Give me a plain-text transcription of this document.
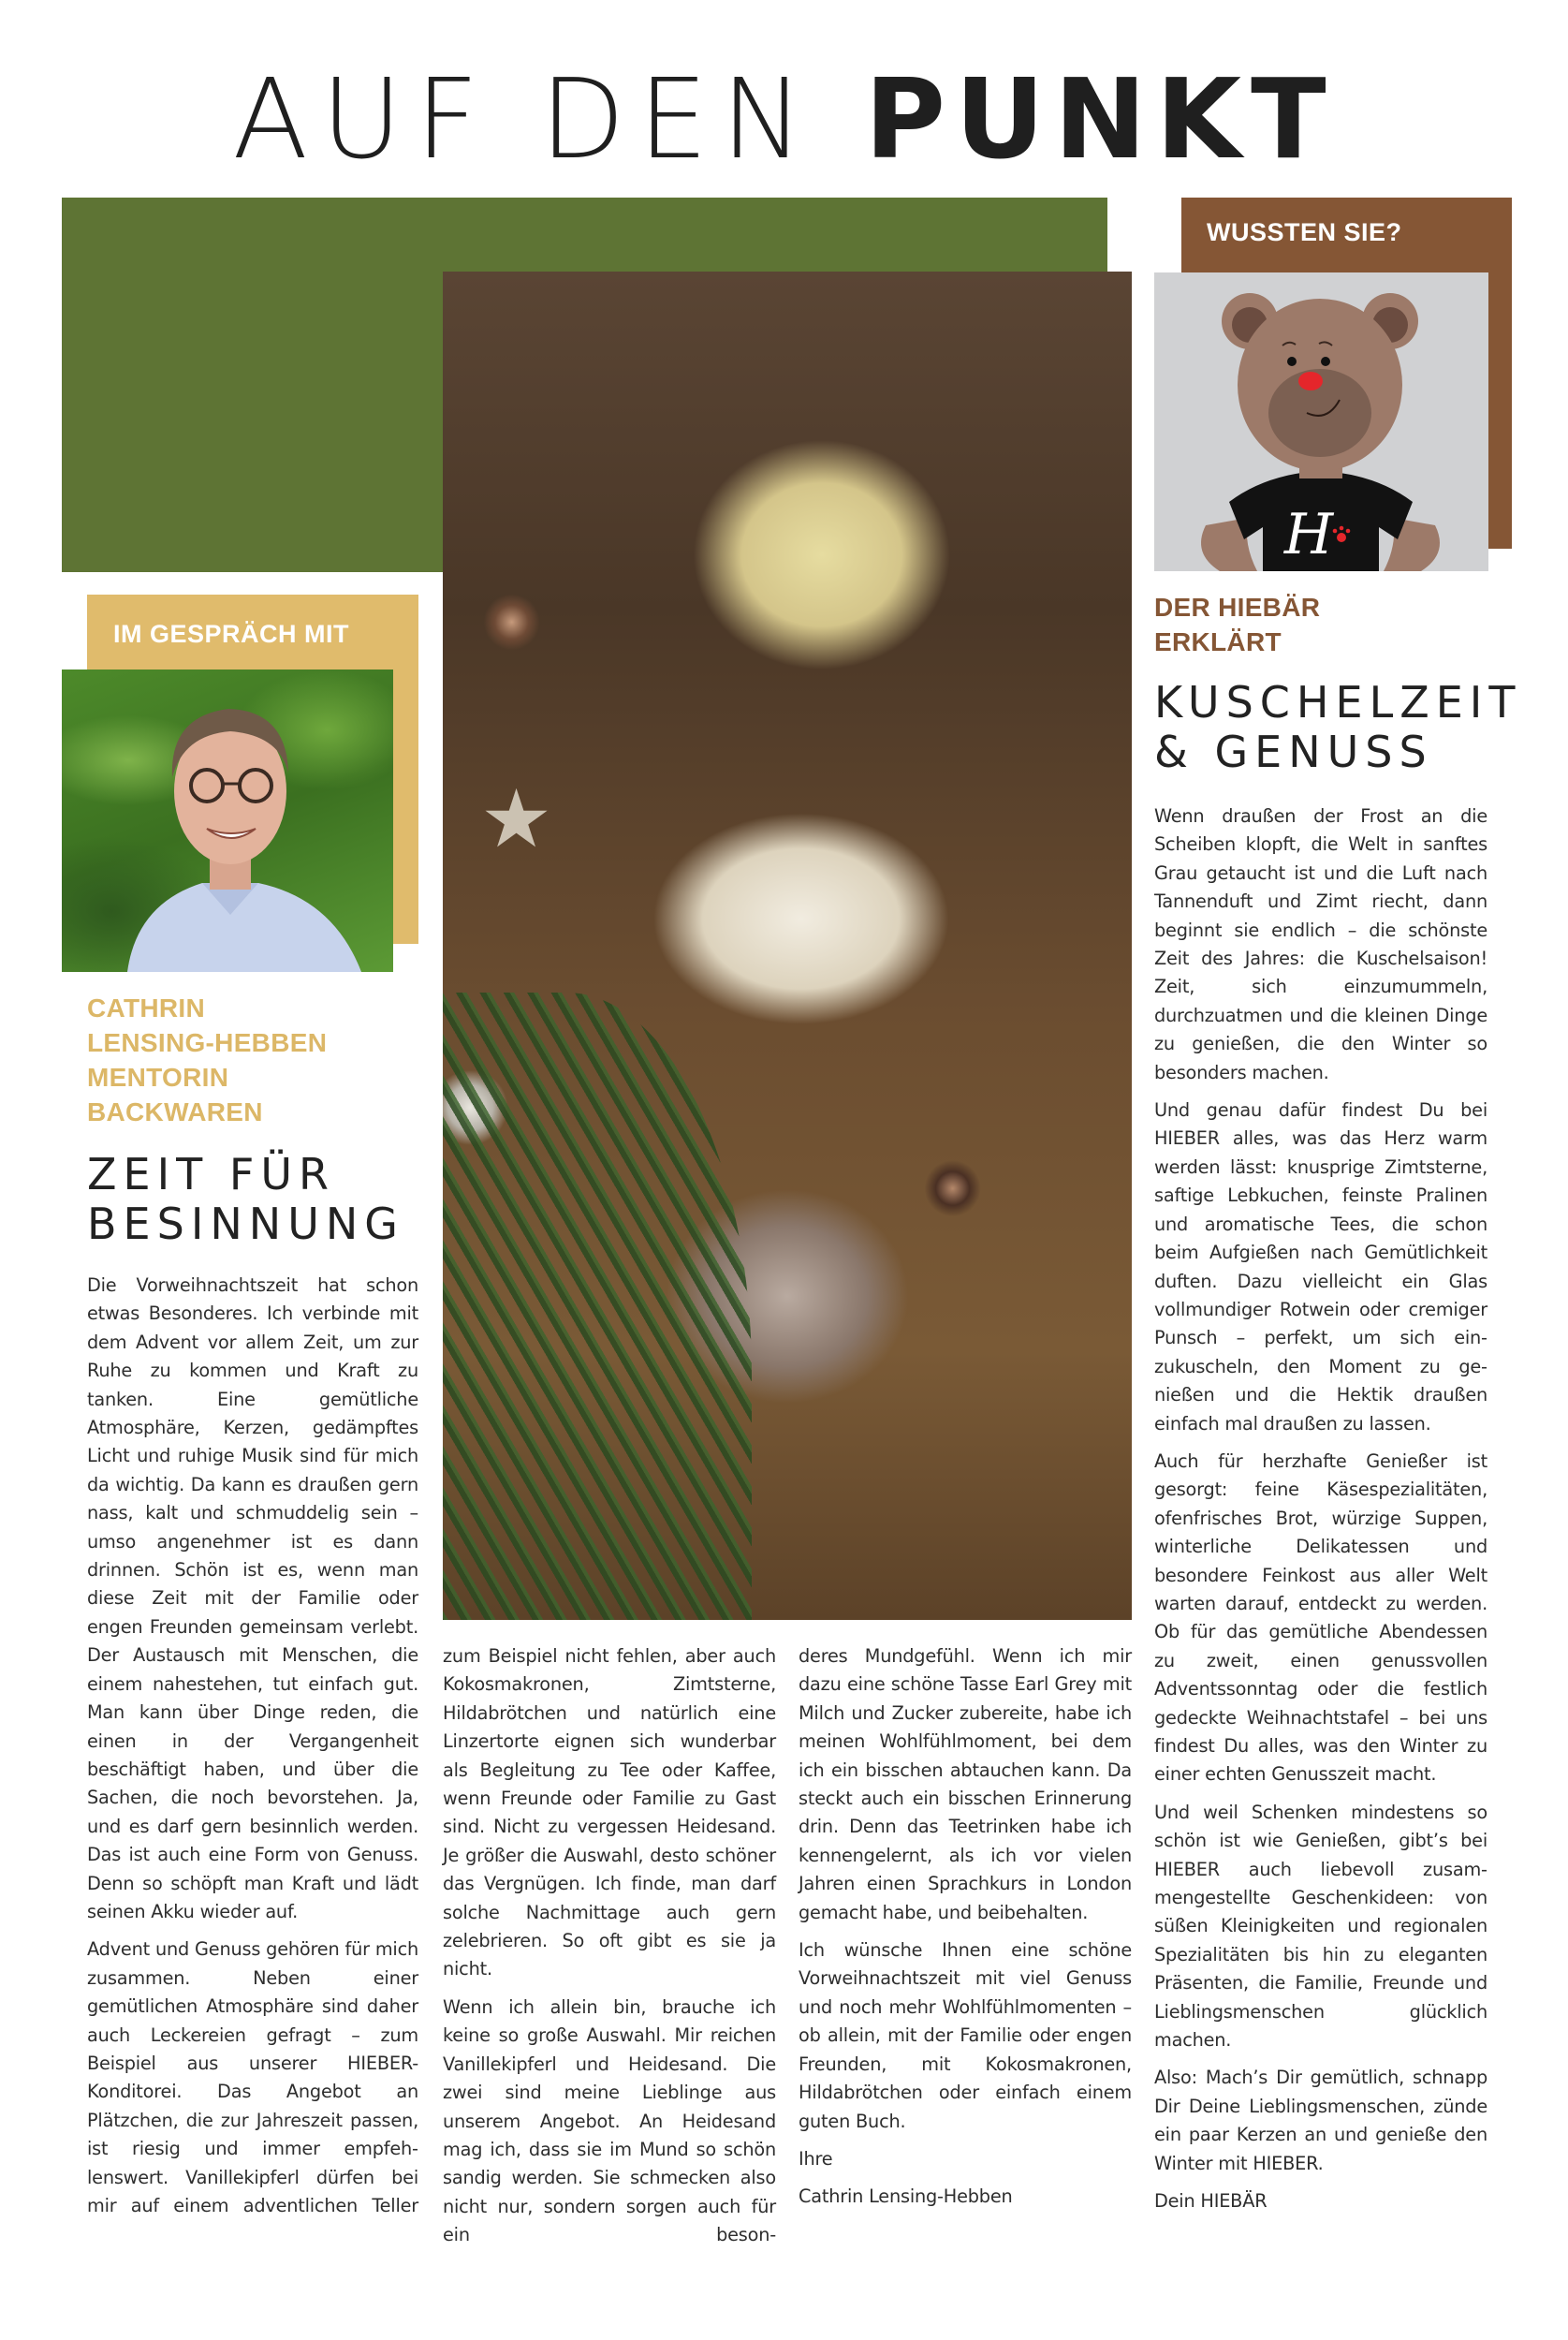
AUF DEN PUNKT
WUSSTEN SIE?
IM GESPRÄCH MIT
★
H
CATHRIN
LENSING-HEBBEN
MENTORIN
BACKWAREN
ZEIT FÜR
BESINNUNG

Die Vorweihnachtszeit hat schon etwas Besonderes. Ich verbinde mit dem Advent vor allem Zeit, um zur Ruhe zu kommen und Kraft zu tanken. Eine gemütliche Atmosphäre, Kerzen, gedämpftes Licht und ruhige Musik sind für mich da wichtig. Da kann es draußen gern nass, kalt und schmuddelig sein – umso angenehmer ist es dann drinnen. Schön ist es, wenn man diese Zeit mit der Familie oder engen Freunden gemeinsam verlebt. Der Austausch mit Menschen, die einem nahestehen, tut einfach gut. Man kann über Dinge reden, die einen in der Vergangenheit beschäftigt haben, und über die Sachen, die noch bevorstehen. Ja, und es darf gern besinnlich werden. Das ist auch eine Form von Genuss. Denn so schöpft man Kraft und lädt seinen Akku wieder auf.

Advent und Genuss gehören für mich zusammen. Neben einer gemütlichen Atmosphäre sind daher auch Leckereien gefragt – zum Beispiel aus unserer HIEBER-Konditorei. Das Angebot an Plätzchen, die zur Jahreszeit passen, ist riesig und immer empfehlenswert. Vanillekipferl dürfen bei mir auf einem adventlichen Teller

zum Beispiel nicht fehlen, aber auch Kokosmakronen, Zimtsterne, Hildabrötchen und natürlich eine Linzertorte eignen sich wunderbar als Begleitung zu Tee oder Kaffee, wenn Freunde oder Familie zu Gast sind. Nicht zu vergessen Heidesand. Je größer die Auswahl, desto schöner das Vergnügen. Ich finde, man darf solche Nachmittage auch gern zelebrieren. So oft gibt es sie ja nicht.

Wenn ich allein bin, brauche ich keine so große Auswahl. Mir reichen Vanillekipferl und Heidesand. Die zwei sind meine Lieblinge aus unserem Angebot. An Heidesand mag ich, dass sie im Mund so schön sandig werden. Sie schmecken also nicht nur, sondern sorgen auch für ein beson-

deres Mundgefühl. Wenn ich mir dazu eine schöne Tasse Earl Grey mit Milch und Zucker zubereite, habe ich meinen Wohlfühlmoment, bei dem ich ein bisschen abtauchen kann. Da steckt auch ein bisschen Erinnerung drin. Denn das Teetrinken habe ich kennengelernt, als ich vor vielen Jahren einen Sprachkurs in London gemacht habe, und beibehalten.

Ich wünsche Ihnen eine schöne Vorweihnachtszeit mit viel Genuss und noch mehr Wohlfühlmomenten – ob allein, mit der Familie oder engen Freunden, mit Kokosmakronen, Hildabrötchen oder einfach einem guten Buch.

Ihre

Cathrin Lensing-Hebben

DER HIEBÄR
ERKLÄRT
KUSCHELZEIT
& GENUSS

Wenn draußen der Frost an die Scheiben klopft, die Welt in sanftes Grau getaucht ist und die Luft nach Tannenduft und Zimt riecht, dann beginnt sie endlich – die schönste Zeit des Jahres: die Kuschelsaison! Zeit, sich einzumummeln, durchzuatmen und die kleinen Dinge zu genießen, die den Winter so besonders machen.

Und genau dafür findest Du bei HIEBER alles, was das Herz warm werden lässt: knusprige Zimtsterne, saftige Lebkuchen, feinste Pralinen und aromatische Tees, die schon beim Aufgießen nach Gemütlichkeit duften. Dazu vielleicht ein Glas vollmundiger Rotwein oder cremiger Punsch – perfekt, um sich einzukuscheln, den Moment zu genießen und die Hektik draußen einfach mal draußen zu lassen.

Auch für herzhafte Genießer ist gesorgt: feine Käsespezialitäten, ofenfrisches Brot, würzige Suppen, winterliche Delikatessen und besondere Feinkost aus aller Welt warten darauf, entdeckt zu werden. Ob für das gemütliche Abendessen zu zweit, einen genussvollen Adventssonntag oder die festlich gedeckte Weihnachtstafel – bei uns findest Du alles, was den Winter zu einer echten Genusszeit macht.

Und weil Schenken mindestens so schön ist wie Genießen, gibt’s bei HIEBER auch liebevoll zusammengestellte Geschenkideen: von süßen Kleinigkeiten und regionalen Spezialitäten bis hin zu eleganten Präsenten, die Familie, Freunde und Lieblingsmenschen glücklich machen.

Also: Mach’s Dir gemütlich, schnapp Dir Deine Lieblingsmenschen, zünde ein paar Kerzen an und genieße den Winter mit HIEBER.

Dein HIEBÄR
